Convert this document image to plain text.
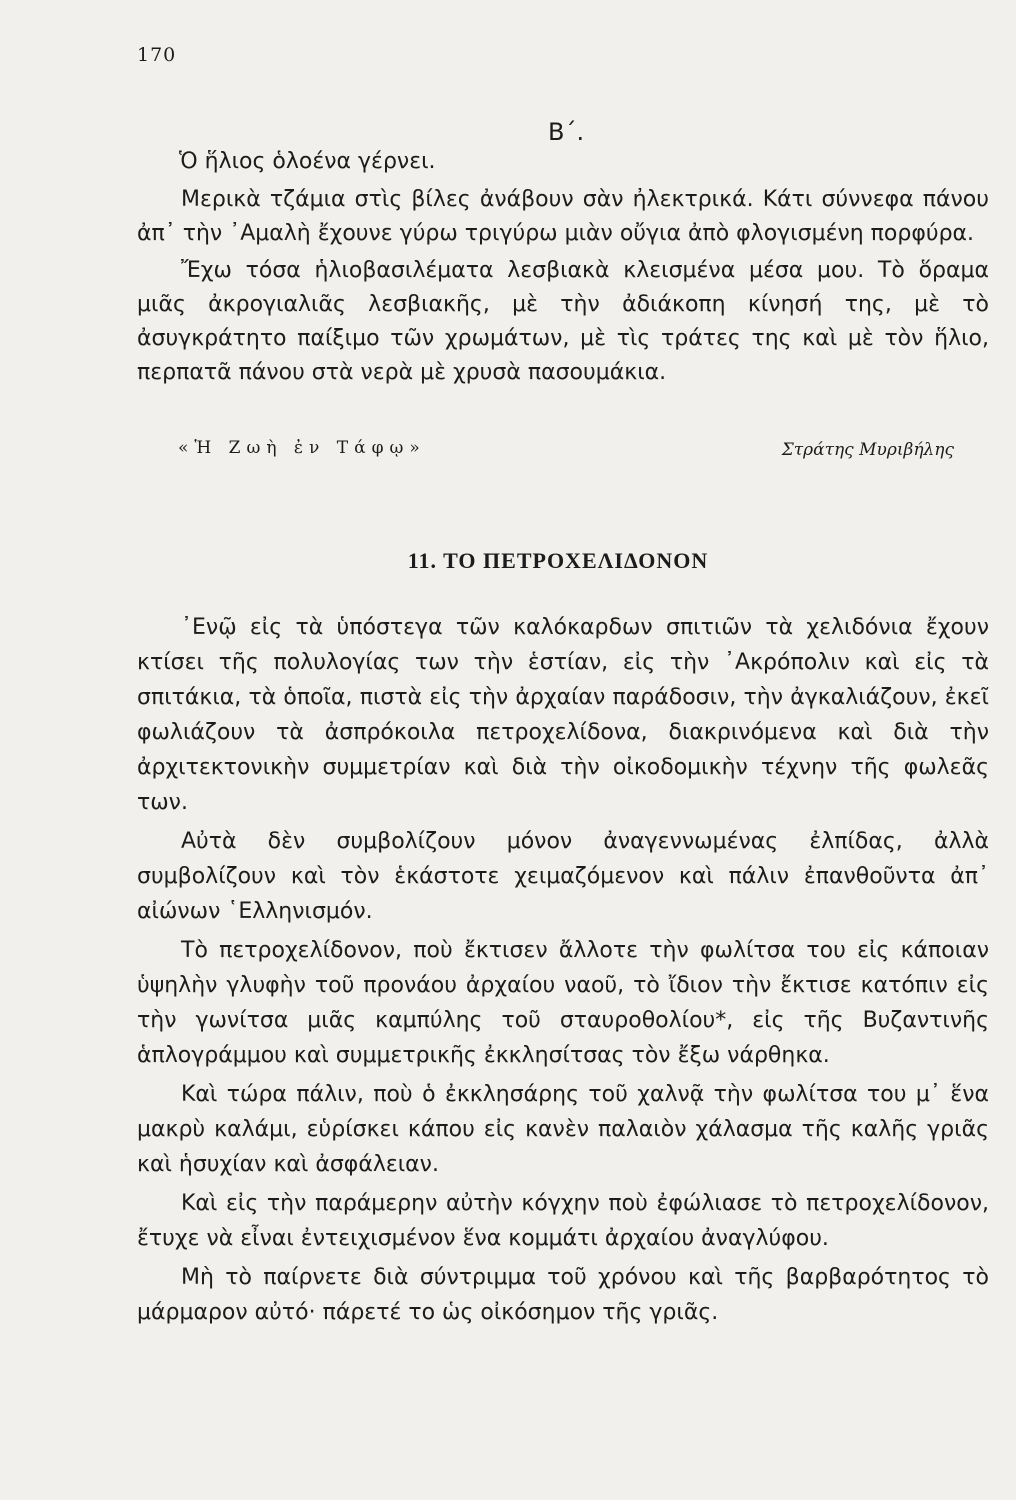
170
Β΄.

Ὁ ἥλιος ὁλοένα γέρνει.

Μερικὰ τζάμια στὶς βίλες ἀνάβουν σὰν ἠλεκτρικά. Κάτι σύννεφα πάνου ἀπ᾿ τὴν ᾿Αμαλὴ ἔχουνε γύρω τριγύρω μιὰν οὔγια ἀπὸ φλογισμένη πορφύρα.

Ἔχω τόσα ἡλιοβασιλέματα λεσβιακὰ κλεισμένα μέσα μου. Τὸ ὅραμα μιᾶς ἀκρογιαλιᾶς λεσβιακῆς, μὲ τὴν ἀδιάκοπη κίνησή της, μὲ τὸ ἀσυγκράτητο παίξιμο τῶν χρωμάτων, μὲ τὶς τράτες της καὶ μὲ τὸν ἥλιο, περπατᾶ πάνου στὰ νερὰ μὲ χρυσὰ πασουμάκια.

«Ἡ Ζωὴ ἐν Τάφῳ»	Στράτης Μυριβήλης
11. ΤΟ ΠΕΤΡΟΧΕΛΙΔΟΝΟΝ

᾿Ενῷ εἰς τὰ ὑπόστεγα τῶν καλόκαρδων σπιτιῶν τὰ χελιδόνια ἔχουν κτίσει τῆς πολυλογίας των τὴν ἑστίαν, εἰς τὴν ᾿Ακρόπολιν καὶ εἰς τὰ σπιτάκια, τὰ ὁποῖα, πιστὰ εἰς τὴν ἀρχαίαν παράδοσιν, τὴν ἀγκαλιάζουν, ἐκεῖ φωλιάζουν τὰ ἀσπρόκοιλα πετροχελίδονα, διακρινόμενα καὶ διὰ τὴν ἀρχιτεκτονικὴν συμμετρίαν καὶ διὰ τὴν οἰκοδομικὴν τέχνην τῆς φωλεᾶς των.

Αὐτὰ δὲν συμβολίζουν μόνον ἀναγεννωμένας ἐλπίδας, ἀλλὰ συμβολίζουν καὶ τὸν ἑκάστοτε χειμαζόμενον καὶ πάλιν ἐπανθοῦντα ἀπ᾿ αἰώνων ῾Ελληνισμόν.

Τὸ πετροχελίδονον, ποὺ ἔκτισεν ἄλλοτε τὴν φωλίτσα του εἰς κάποιαν ὑψηλὴν γλυφὴν τοῦ προνάου ἀρχαίου ναοῦ, τὸ ἴδιον τὴν ἔκτισε κατόπιν εἰς τὴν γωνίτσα μιᾶς καμπύλης τοῦ σταυροθολίου*, εἰς τῆς Βυζαντινῆς ἁπλογράμμου καὶ συμμετρικῆς ἐκκλησίτσας τὸν ἔξω νάρθηκα.

Καὶ τώρα πάλιν, ποὺ ὁ ἐκκλησάρης τοῦ χαλνᾷ τὴν φωλίτσα του μ᾿ ἕνα μακρὺ καλάμι, εὑρίσκει κάπου εἰς κανὲν παλαιὸν χάλασμα τῆς καλῆς γριᾶς καὶ ἡσυχίαν καὶ ἀσφάλειαν.

Καὶ εἰς τὴν παράμερην αὐτὴν κόγχην ποὺ ἐφώλιασε τὸ πετροχελίδονον, ἔτυχε νὰ εἶναι ἐντειχισμένον ἕνα κομμάτι ἀρχαίου ἀναγλύφου.

Μὴ τὸ παίρνετε διὰ σύντριμμα τοῦ χρόνου καὶ τῆς βαρβαρότητος τὸ μάρμαρον αὐτό· πάρετέ το ὡς οἰκόσημον τῆς γριᾶς.
